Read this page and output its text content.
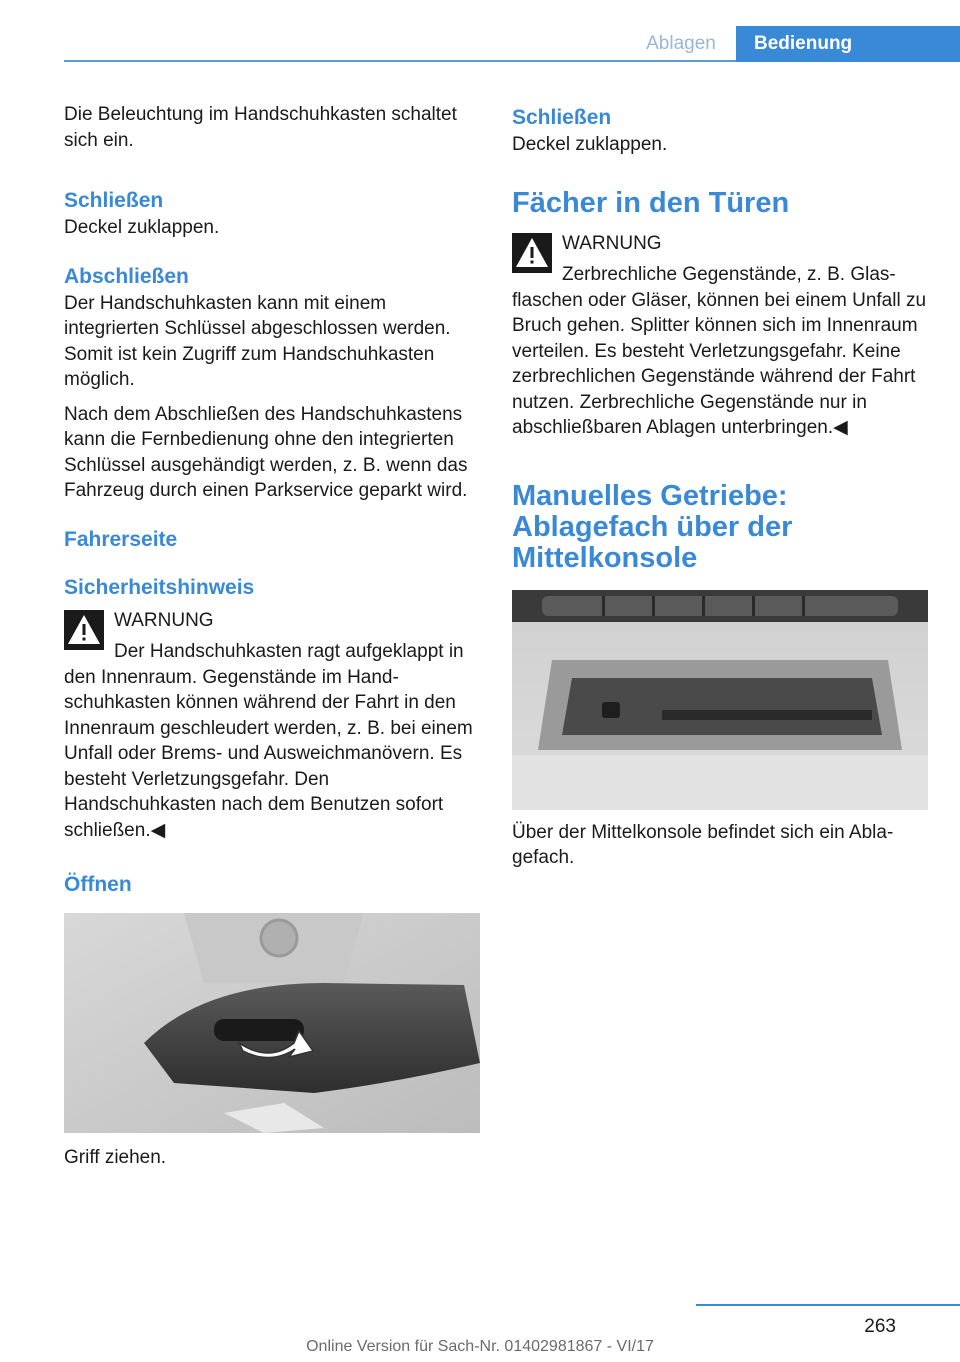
Ablagen	Bedienung

Die Beleuchtung im Handschuhkasten schaltet sich ein.

Schließen

Deckel zuklappen.

Abschließen

Der Handschuhkasten kann mit einem integrierten Schlüssel abgeschlossen werden. Somit ist kein Zugriff zum Handschuhkasten möglich.

Nach dem Abschließen des Handschuhkastens kann die Fernbedienung ohne den integrierten Schlüssel ausgehändigt werden, z. B. wenn das Fahrzeug durch einen Parkservice geparkt wird.

Fahrerseite
Sicherheitshinweis
WARNUNG

Der Handschuhkasten ragt aufgeklappt in den Innenraum. Gegenstände im Handschuhkasten können während der Fahrt in den Innenraum geschleudert werden, z. B. bei einem Unfall oder Brems- und Ausweichmanövern. Es besteht Verletzungsgefahr. Den Handschuhkasten nach dem Benutzen sofort schließen.◀

Öffnen

Griff ziehen.

Schließen

Deckel zuklappen.

Fächer in den Türen
WARNUNG

Zerbrechliche Gegenstände, z. B. Glasflaschen oder Gläser, können bei einem Unfall zu Bruch gehen. Splitter können sich im Innenraum verteilen. Es besteht Verletzungsgefahr. Keine zerbrechlichen Gegenstände während der Fahrt nutzen. Zerbrechliche Gegenstände nur in abschließbaren Ablagen unterbringen.◀

Manuelles Getriebe:
Ablagefach über der
Mittelkonsole

Über der Mittelkonsole befindet sich ein Ablagefach.

263
Online Version für Sach-Nr. 01402981867 - VI/17
